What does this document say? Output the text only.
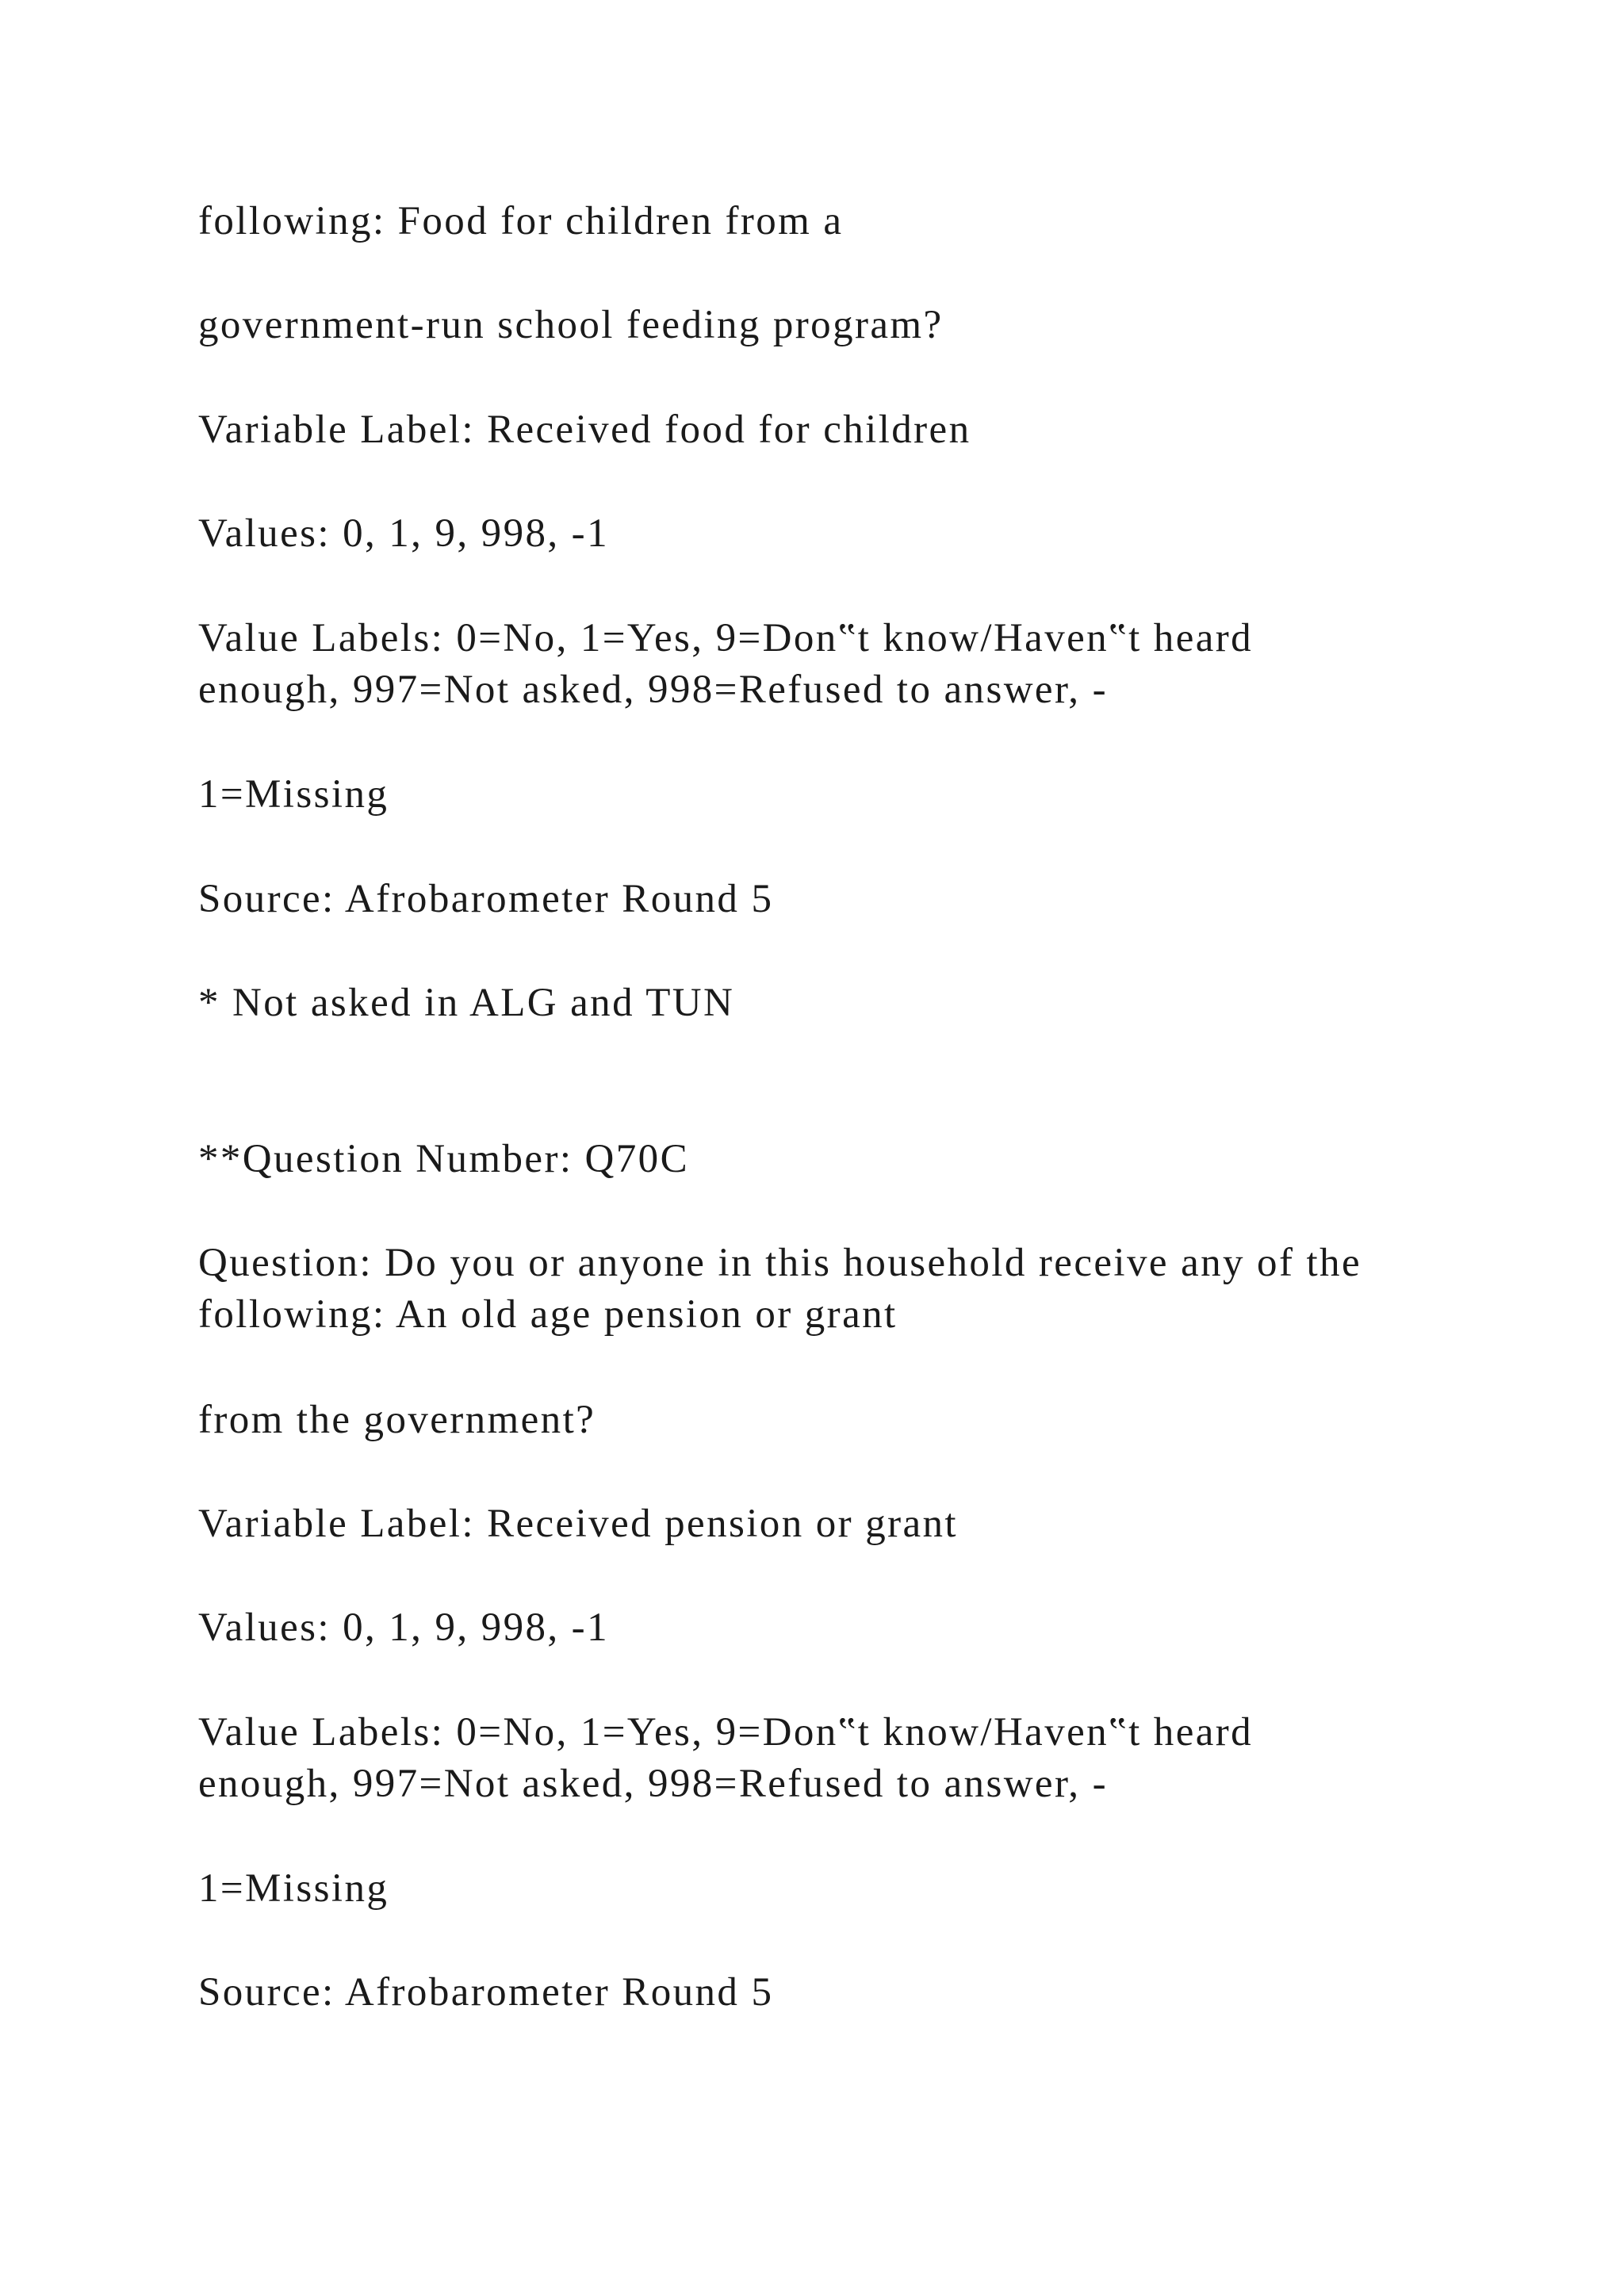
following: Food for children from a

government-run school feeding program?

Variable Label: Received food for children

Values: 0, 1, 9, 998, -1

Value Labels: 0=No, 1=Yes, 9=Don‟t know/Haven‟t heard
enough, 997=Not asked, 998=Refused to answer, -

1=Missing

Source: Afrobarometer Round 5

* Not asked in ALG and TUN

**Question Number: Q70C

Question: Do you or anyone in this household receive any of the
following: An old age pension or grant

from the government?

Variable Label: Received pension or grant

Values: 0, 1, 9, 998, -1

Value Labels: 0=No, 1=Yes, 9=Don‟t know/Haven‟t heard
enough, 997=Not asked, 998=Refused to answer, -

1=Missing

Source: Afrobarometer Round 5
